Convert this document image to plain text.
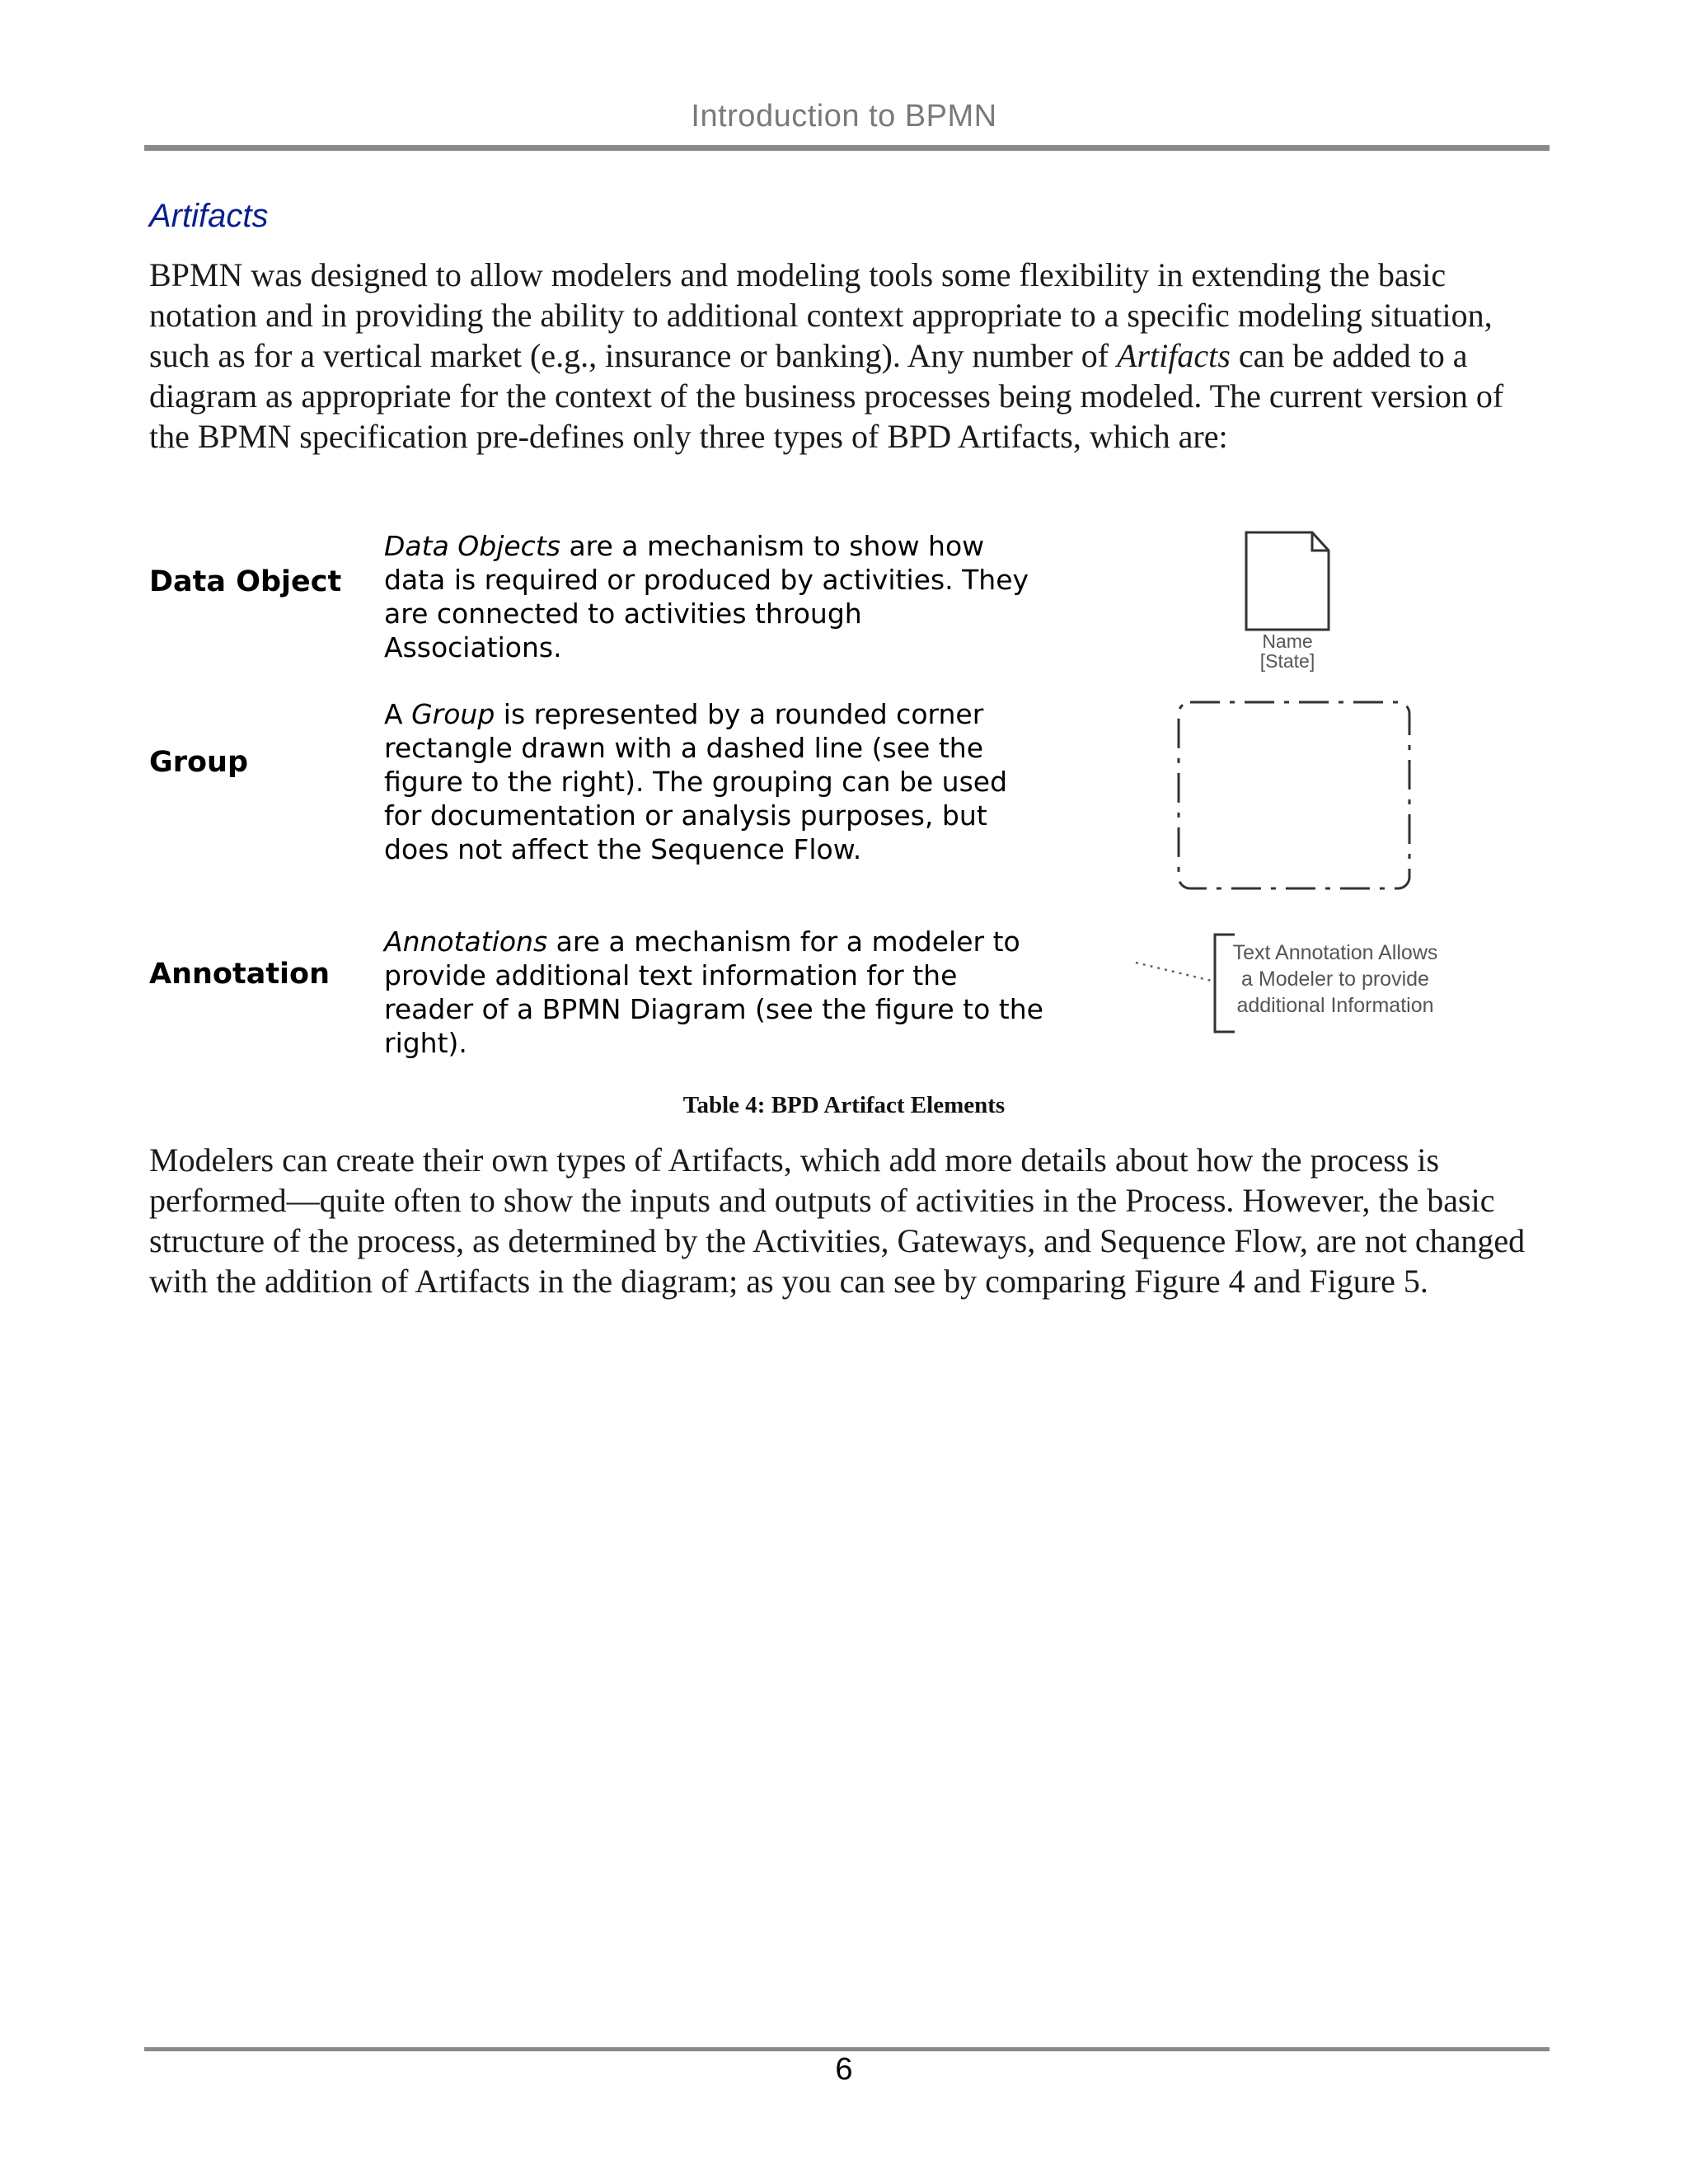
Introduction to BPMN
Artifacts

BPMN was designed to allow modelers and modeling tools some flexibility in extending the basic notation and in providing the ability to additional context appropriate to a specific modeling situation, such as for a vertical market (e.g., insurance or banking). Any number of Artifacts can be added to a diagram as appropriate for the context of the business processes being modeled. The current version of the BPMN specification pre-defines only three types of BPD Artifacts, which are:

Data Object

Data Objects are a mechanism to show how data is required or produced by activities. They are connected to activities through Associations.	Name
[State]
Group

A Group is represented by a rounded corner rectangle drawn with a dashed line (see the figure to the right). The grouping can be used for documentation or analysis purposes, but does not affect the Sequence Flow.

Annotation

Annotations are a mechanism for a modeler to provide additional text information for the reader of a BPMN Diagram (see the figure to the right).

Text Annotation Allows
a Modeler to provide
additional Information
Table 4: BPD Artifact Elements

Modelers can create their own types of Artifacts, which add more details about how the process is performed—quite often to show the inputs and outputs of activities in the Process. However, the basic structure of the process, as determined by the Activities, Gateways, and Sequence Flow, are not changed with the addition of Artifacts in the diagram; as you can see by comparing Figure 4 and Figure 5.

6
